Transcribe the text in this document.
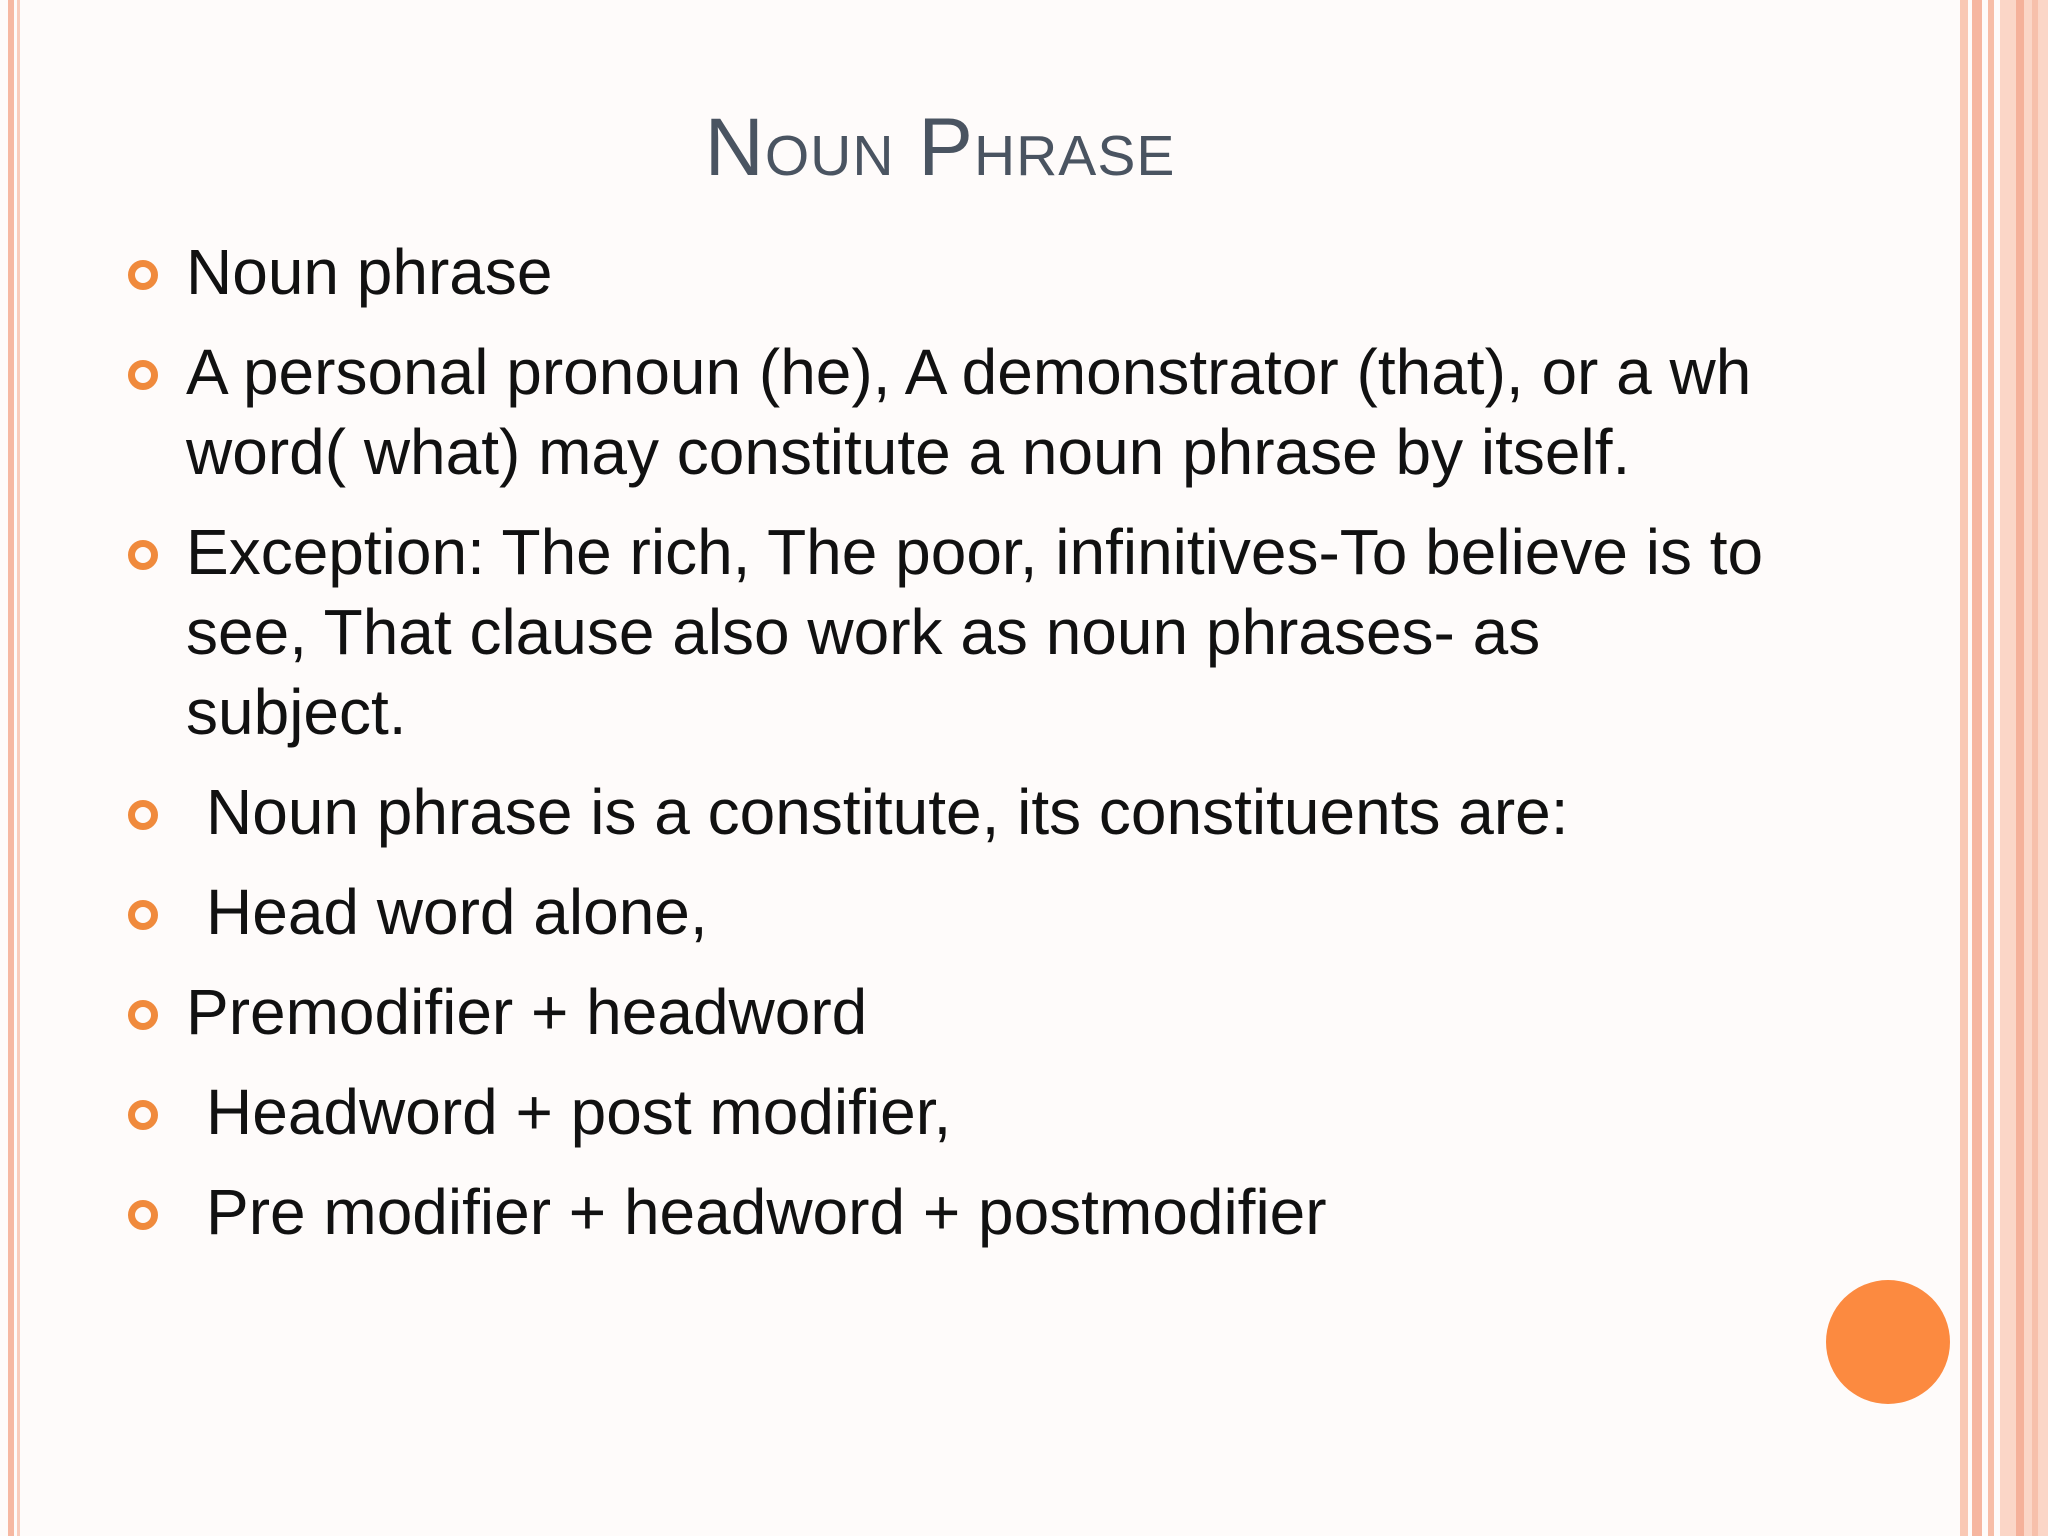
Noun Phrase
Noun phrase
A personal pronoun (he), A demonstrator (that), or a wh word( what) may constitute a noun phrase by itself.
Exception: The rich, The poor, infinitives-To believe is to see, That clause also work as noun phrases- as subject.
Noun phrase is a constitute, its constituents are:
Head word alone,
Premodifier + headword
Headword + post modifier,
Pre modifier + headword + postmodifier
